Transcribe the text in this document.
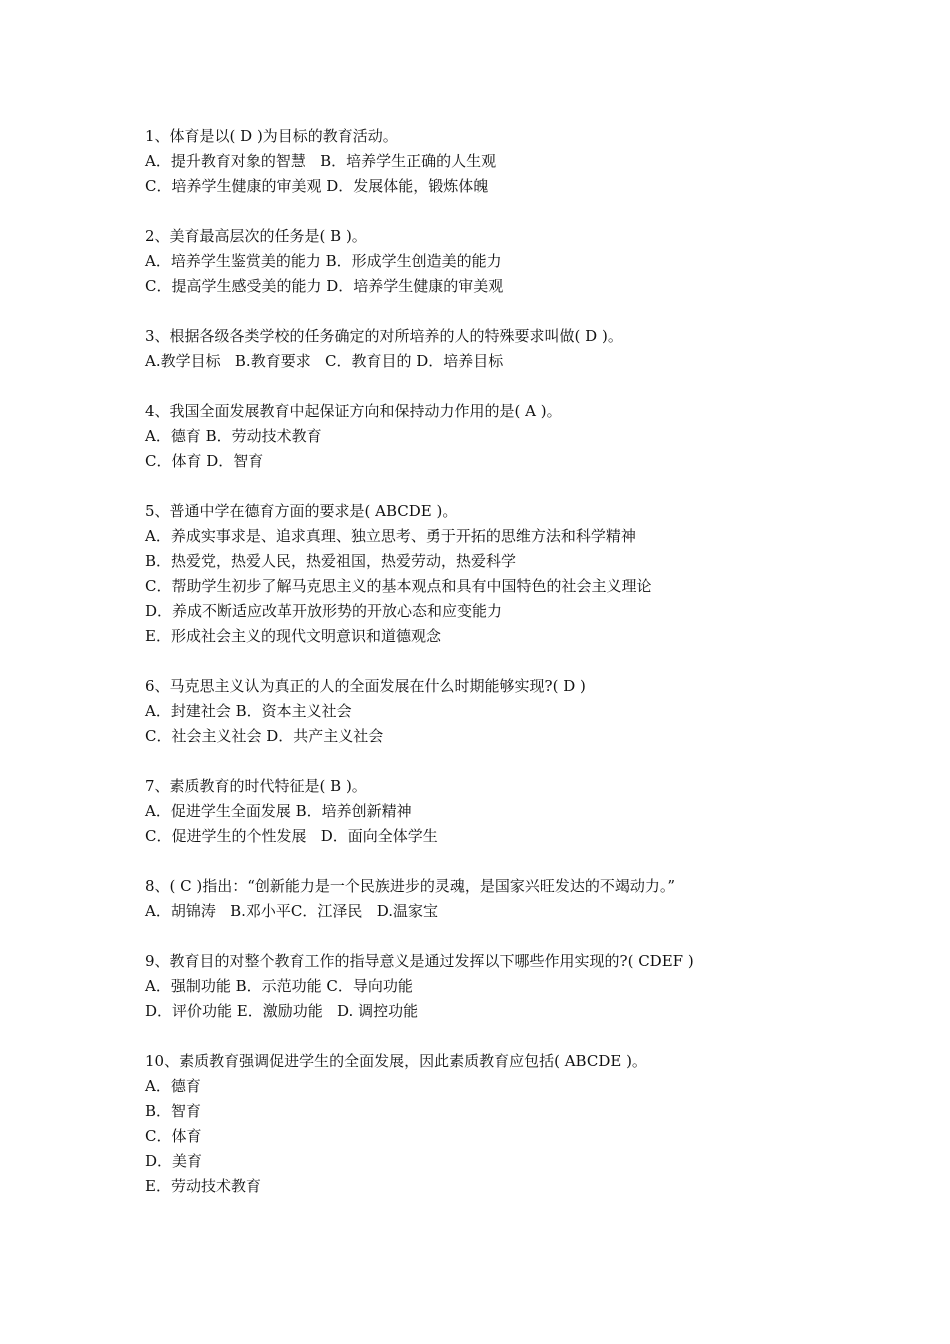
1、体育是以( D )为目标的教育活动。
A．提升教育对象的智慧   B．培养学生正确的人生观
C．培养学生健康的审美观 D．发展体能，锻炼体魄
2、美育最高层次的任务是( B )。
A．培养学生鉴赏美的能力 B．形成学生创造美的能力
C．提高学生感受美的能力 D．培养学生健康的审美观
3、根据各级各类学校的任务确定的对所培养的人的特殊要求叫做( D )。
A.教学目标   B.教育要求   C．教育目的 D．培养目标
4、我国全面发展教育中起保证方向和保持动力作用的是( A )。
A．德育 B．劳动技术教育
C．体育 D．智育
5、普通中学在德育方面的要求是( ABCDE )。
A．养成实事求是、追求真理、独立思考、勇于开拓的思维方法和科学精神
B．热爱党，热爱人民，热爱祖国，热爱劳动，热爱科学
C．帮助学生初步了解马克思主义的基本观点和具有中国特色的社会主义理论
D．养成不断适应改革开放形势的开放心态和应变能力
E．形成社会主义的现代文明意识和道德观念
6、马克思主义认为真正的人的全面发展在什么时期能够实现?( D )
A．封建社会 B．资本主义社会
C．社会主义社会 D．共产主义社会
7、素质教育的时代特征是( B )。
A．促进学生全面发展 B．培养创新精神
C．促进学生的个性发展   D．面向全体学生
8、( C )指出：“创新能力是一个民族进步的灵魂，是国家兴旺发达的不竭动力。”
A．胡锦涛   B.邓小平C．江泽民   D.温家宝
9、教育目的对整个教育工作的指导意义是通过发挥以下哪些作用实现的?( CDEF )
A．强制功能 B．示范功能 C．导向功能
D．评价功能 E．激励功能   D. 调控功能
10、素质教育强调促进学生的全面发展，因此素质教育应包括( ABCDE )。
A．德育
B．智育
C．体育
D．美育
E．劳动技术教育
